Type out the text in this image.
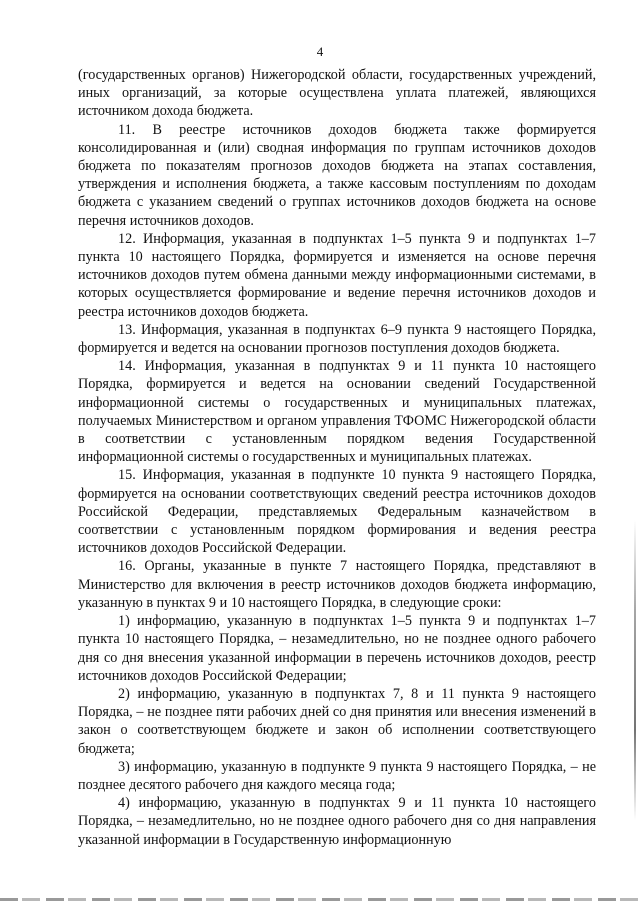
4

(государственных органов) Нижегородской области, государственных учреждений, иных организаций, за которые осуществлена уплата платежей, являющихся источником дохода бюджета.

11. В реестре источников доходов бюджета также формируется консолидированная и (или) сводная информация по группам источников доходов бюджета по показателям прогнозов доходов бюджета на этапах составления, утверждения и исполнения бюджета, а также кассовым поступлениям по доходам бюджета с указанием сведений о группах источников доходов бюджета на основе перечня источников доходов.

12. Информация, указанная в подпунктах 1–5 пункта 9 и подпунктах 1–7 пункта 10 настоящего Порядка, формируется и изменяется на основе перечня источников доходов путем обмена данными между информационными системами, в которых осуществляется формирование и ведение перечня источников доходов и реестра источников доходов бюджета.

13. Информация, указанная в подпунктах 6–9 пункта 9 настоящего Порядка, формируется и ведется на основании прогнозов поступления доходов бюджета.

14. Информация, указанная в подпунктах 9 и 11 пункта 10 настоящего Порядка, формируется и ведется на основании сведений Государственной информационной системы о государственных и муниципальных платежах, получаемых Министерством и органом управления ТФОМС Нижегородской области в соответствии с установленным порядком ведения Государственной информационной системы о государственных и муниципальных платежах.

15. Информация, указанная в подпункте 10 пункта 9 настоящего Порядка, формируется на основании соответствующих сведений реестра источников доходов Российской Федерации, представляемых Федеральным казначейством в соответствии с установленным порядком формирования и ведения реестра источников доходов Российской Федерации.

16. Органы, указанные в пункте 7 настоящего Порядка, представляют в Министерство для включения в реестр источников доходов бюджета информацию, указанную в пунктах 9 и 10 настоящего Порядка, в следующие сроки:

1) информацию, указанную в подпунктах 1–5 пункта 9 и подпунктах 1–7 пункта 10 настоящего Порядка, – незамедлительно, но не позднее одного рабочего дня со дня внесения указанной информации в перечень источников доходов, реестр источников доходов Российской Федерации;

2) информацию, указанную в подпунктах 7, 8 и 11 пункта 9 настоящего Порядка, – не позднее пяти рабочих дней со дня принятия или внесения изменений в закон о соответствующем бюджете и закон об исполнении соответствующего бюджета;

3) информацию, указанную в подпункте 9 пункта 9 настоящего Порядка, – не позднее десятого рабочего дня каждого месяца года;

4) информацию, указанную в подпунктах 9 и 11 пункта 10 настоящего Порядка, – незамедлительно, но не позднее одного рабочего дня со дня направления указанной информации в Государственную информационную
